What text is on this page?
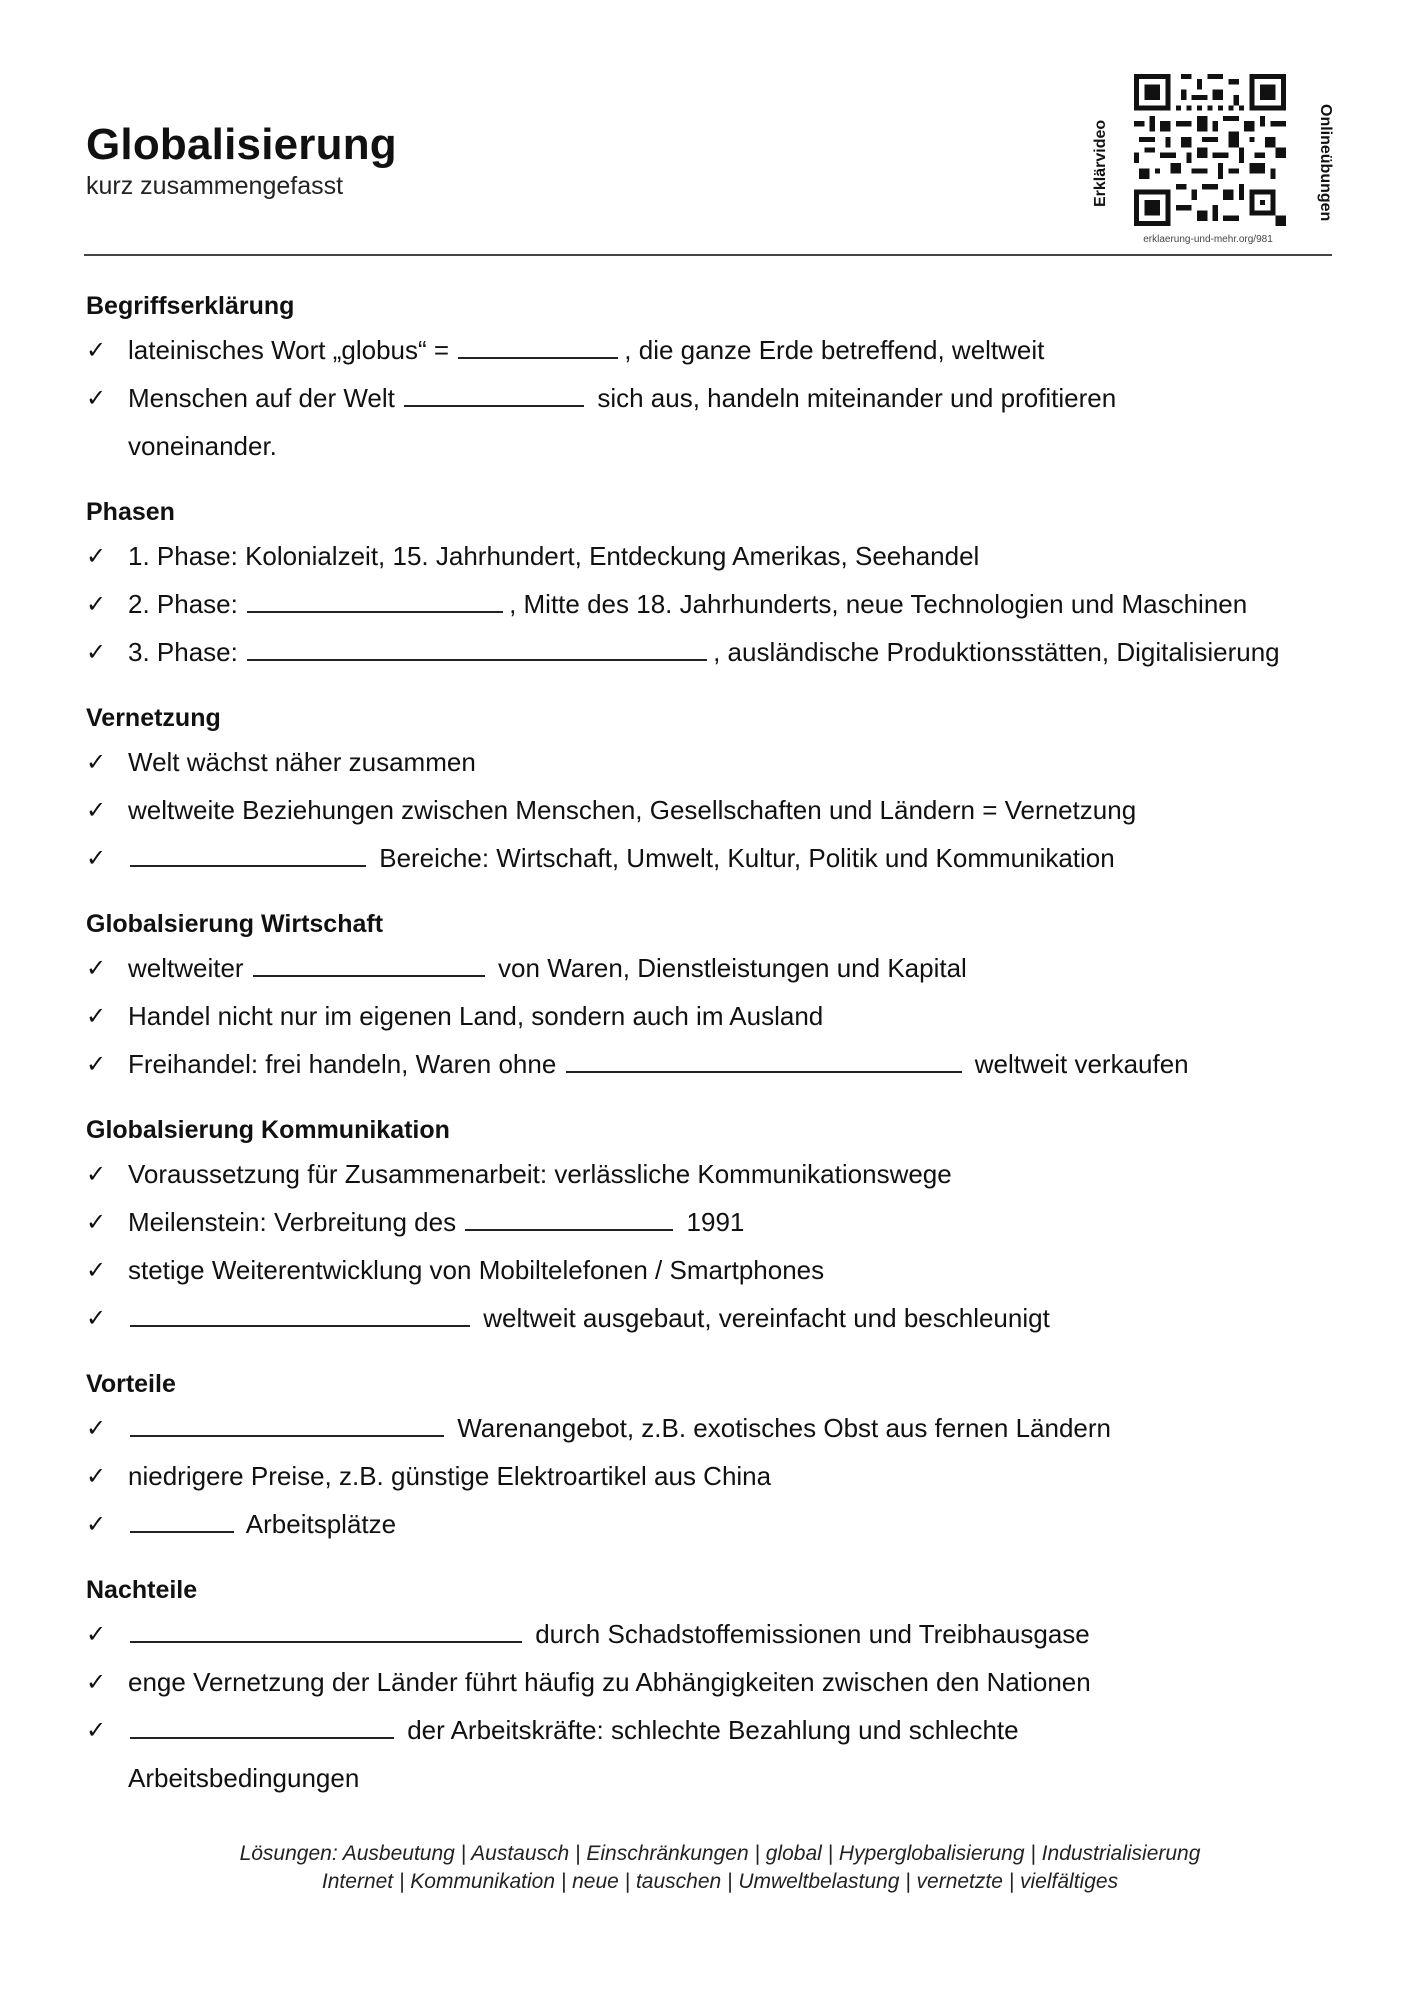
Globalisierung
kurz zusammengefasst	Erklärvideo	Onlineübungen
erklaerung-und-mehr.org/981
Begriffserklärung
✓ lateinisches Wort „globus“ =	, die ganze Erde betreffend, weltweit
✓ Menschen auf der Welt	sich aus, handeln miteinander und profitieren
voneinander.
Phasen
✓ 1. Phase: Kolonialzeit, 15. Jahrhundert, Entdeckung Amerikas, Seehandel
✓ 2. Phase:	, Mitte des 18. Jahrhunderts, neue Technologien und Maschinen
✓ 3. Phase:	, ausländische Produktionsstätten, Digitalisierung
Vernetzung
✓ Welt wächst näher zusammen
✓ weltweite Beziehungen zwischen Menschen, Gesellschaften und Ländern = Vernetzung
✓	Bereiche: Wirtschaft, Umwelt, Kultur, Politik und Kommunikation
Globalsierung Wirtschaft
✓ weltweiter	von Waren, Dienstleistungen und Kapital
✓ Handel nicht nur im eigenen Land, sondern auch im Ausland
✓ Freihandel: frei handeln, Waren ohne	weltweit verkaufen
Globalsierung Kommunikation
✓ Voraussetzung für Zusammenarbeit: verlässliche Kommunikationswege
✓ Meilenstein: Verbreitung des	1991
✓ stetige Weiterentwicklung von Mobiltelefonen / Smartphones
✓	weltweit ausgebaut, vereinfacht und beschleunigt
Vorteile
✓	Warenangebot, z.B. exotisches Obst aus fernen Ländern
✓ niedrigere Preise, z.B. günstige Elektroartikel aus China
✓	Arbeitsplätze
Nachteile
✓	durch Schadstoffemissionen und Treibhausgase
✓ enge Vernetzung der Länder führt häufig zu Abhängigkeiten zwischen den Nationen
✓	der Arbeitskräfte: schlechte Bezahlung und schlechte
Arbeitsbedingungen
Lösungen: Ausbeutung | Austausch | Einschränkungen | global | Hyperglobalisierung | Industrialisierung
Internet | Kommunikation | neue | tauschen | Umweltbelastung | vernetzte | vielfältiges
